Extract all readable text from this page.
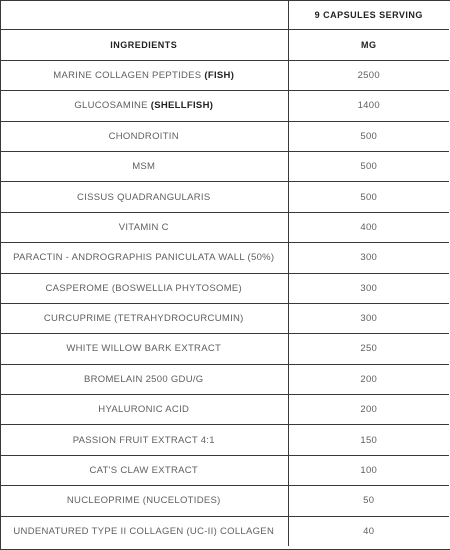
	9 CAPSULES SERVING
INGREDIENTS	MG
MARINE COLLAGEN PEPTIDES (FISH)	2500
GLUCOSAMINE (SHELLFISH)	1400
CHONDROITIN	500
MSM	500
CISSUS QUADRANGULARIS	500
VITAMIN C	400
PARACTIN - ANDROGRAPHIS PANICULATA WALL (50%)	300
CASPEROME (BOSWELLIA PHYTOSOME)	300
CURCUPRIME (TETRAHYDROCURCUMIN)	300
WHITE WILLOW BARK EXTRACT	250
BROMELAIN 2500 GDU/G	200
HYALURONIC ACID	200
PASSION FRUIT EXTRACT 4:1	150
CAT'S CLAW EXTRACT	100
NUCLEOPRIME (NUCELOTIDES)	50
UNDENATURED TYPE II COLLAGEN (UC-II) COLLAGEN	40
